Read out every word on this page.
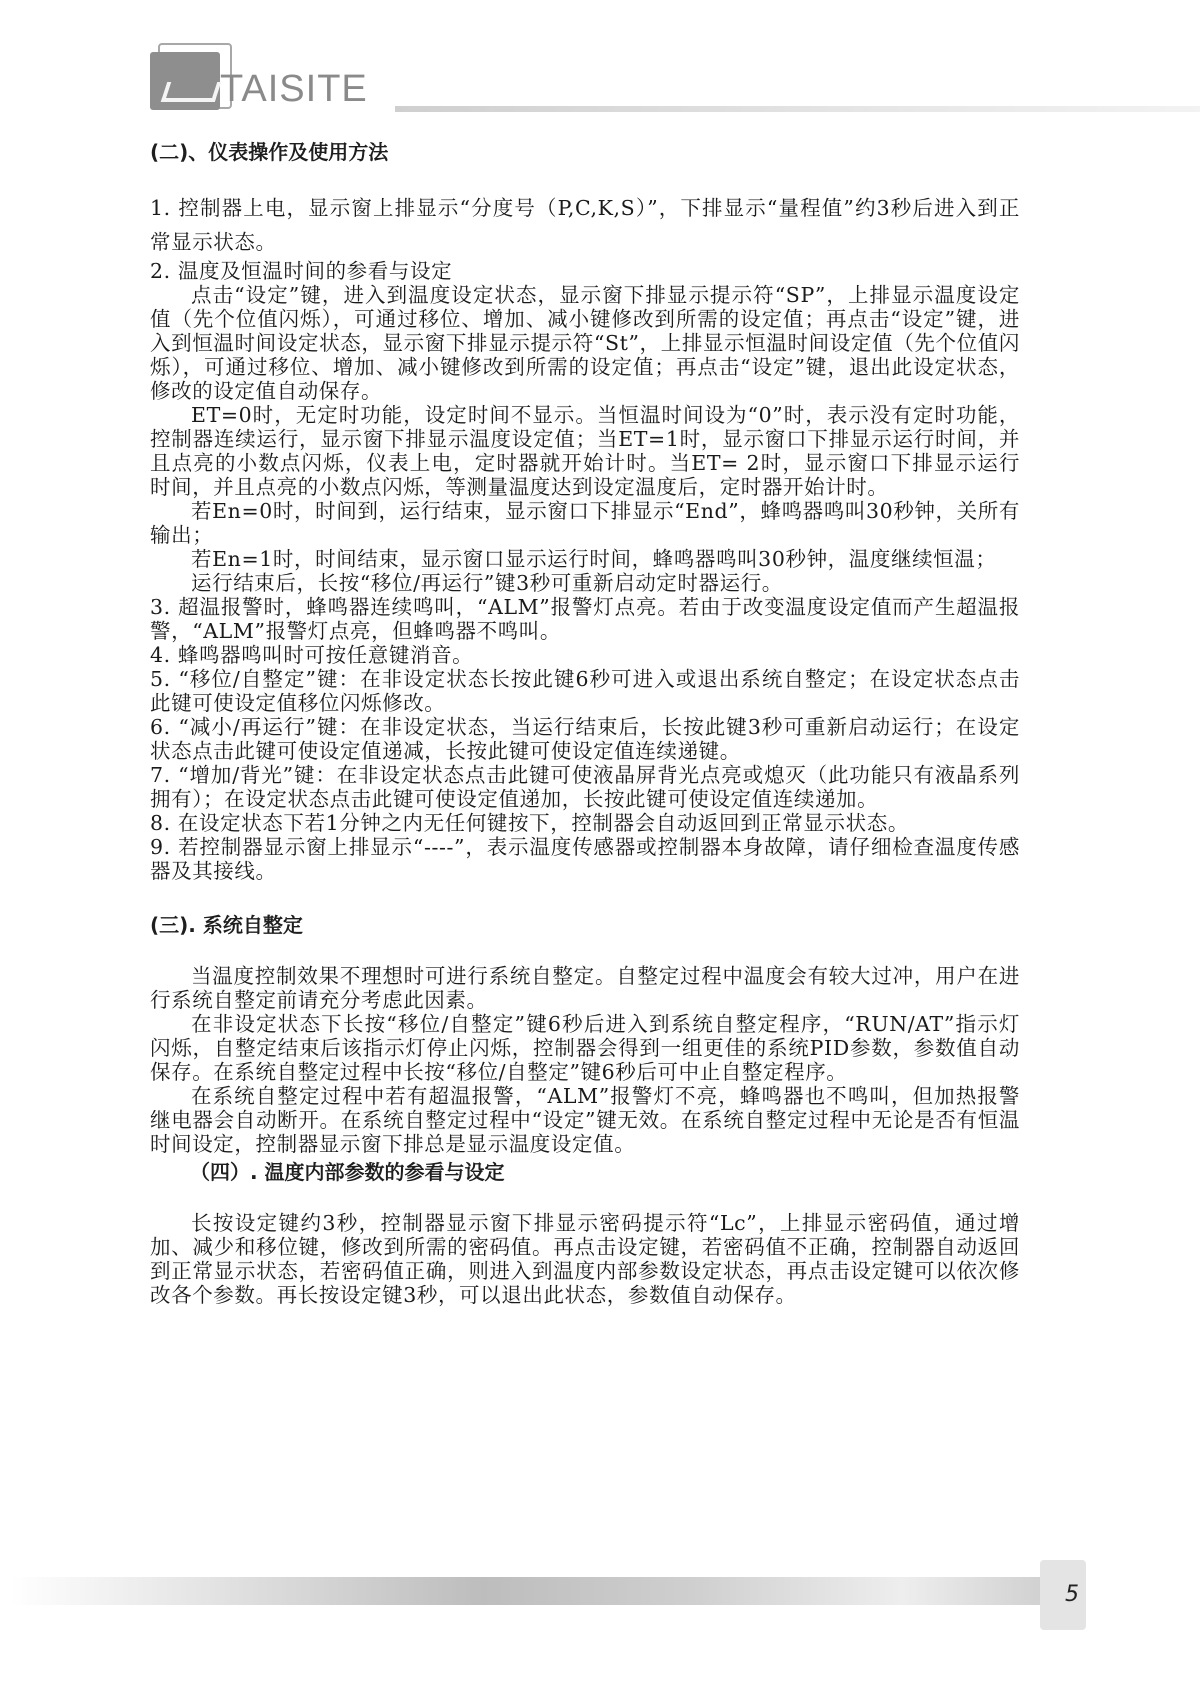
TAISITE
(二)、仪表操作及使用方法

1. 控制器上电，显示窗上排显示“分度号（P,C,K,S）”，下排显示“量程值”约3秒后进入到正常显示状态。

2. 温度及恒温时间的参看与设定

点击“设定”键，进入到温度设定状态，显示窗下排显示提示符“SP”，上排显示温度设定值（先个位值闪烁），可通过移位、增加、减小键修改到所需的设定值；再点击“设定”键，进入到恒温时间设定状态，显示窗下排显示提示符“St”，上排显示恒温时间设定值（先个位值闪烁），可通过移位、增加、减小键修改到所需的设定值；再点击“设定”键，退出此设定状态，修改的设定值自动保存。

ET=0时，无定时功能，设定时间不显示。当恒温时间设为“0”时，表示没有定时功能，控制器连续运行，显示窗下排显示温度设定值；当ET=1时，显示窗口下排显示运行时间，并且点亮的小数点闪烁，仪表上电，定时器就开始计时。当ET= 2时，显示窗口下排显示运行时间，并且点亮的小数点闪烁，等测量温度达到设定温度后，定时器开始计时。

若En=0时，时间到，运行结束，显示窗口下排显示“End”，蜂鸣器鸣叫30秒钟，关所有输出；

若En=1时，时间结束，显示窗口显示运行时间，蜂鸣器鸣叫30秒钟，温度继续恒温；

运行结束后，长按“移位/再运行”键3秒可重新启动定时器运行。

3. 超温报警时，蜂鸣器连续鸣叫，“ALM”报警灯点亮。若由于改变温度设定值而产生超温报警，“ALM”报警灯点亮，但蜂鸣器不鸣叫。

4. 蜂鸣器鸣叫时可按任意键消音。

5. “移位/自整定”键：在非设定状态长按此键6秒可进入或退出系统自整定；在设定状态点击此键可使设定值移位闪烁修改。

6. “减小/再运行”键：在非设定状态，当运行结束后，长按此键3秒可重新启动运行；在设定状态点击此键可使设定值递减，长按此键可使设定值连续递键。

7. “增加/背光”键：在非设定状态点击此键可使液晶屏背光点亮或熄灭（此功能只有液晶系列拥有）；在设定状态点击此键可使设定值递加，长按此键可使设定值连续递加。

8. 在设定状态下若1分钟之内无任何键按下，控制器会自动返回到正常显示状态。

9. 若控制器显示窗上排显示“----”，表示温度传感器或控制器本身故障，请仔细检查温度传感器及其接线。

(三). 系统自整定

当温度控制效果不理想时可进行系统自整定。自整定过程中温度会有较大过冲，用户在进行系统自整定前请充分考虑此因素。

在非设定状态下长按“移位/自整定”键6秒后进入到系统自整定程序，“RUN/AT”指示灯闪烁，自整定结束后该指示灯停止闪烁，控制器会得到一组更佳的系统PID参数，参数值自动保存。在系统自整定过程中长按“移位/自整定”键6秒后可中止自整定程序。

在系统自整定过程中若有超温报警，“ALM”报警灯不亮，蜂鸣器也不鸣叫，但加热报警继电器会自动断开。在系统自整定过程中“设定”键无效。在系统自整定过程中无论是否有恒温时间设定，控制器显示窗下排总是显示温度设定值。

（四）. 温度内部参数的参看与设定

长按设定键约3秒，控制器显示窗下排显示密码提示符“Lc”，上排显示密码值，通过增加、减少和移位键，修改到所需的密码值。再点击设定键，若密码值不正确，控制器自动返回到正常显示状态，若密码值正确，则进入到温度内部参数设定状态，再点击设定键可以依次修改各个参数。再长按设定键3秒，可以退出此状态，参数值自动保存。

5
